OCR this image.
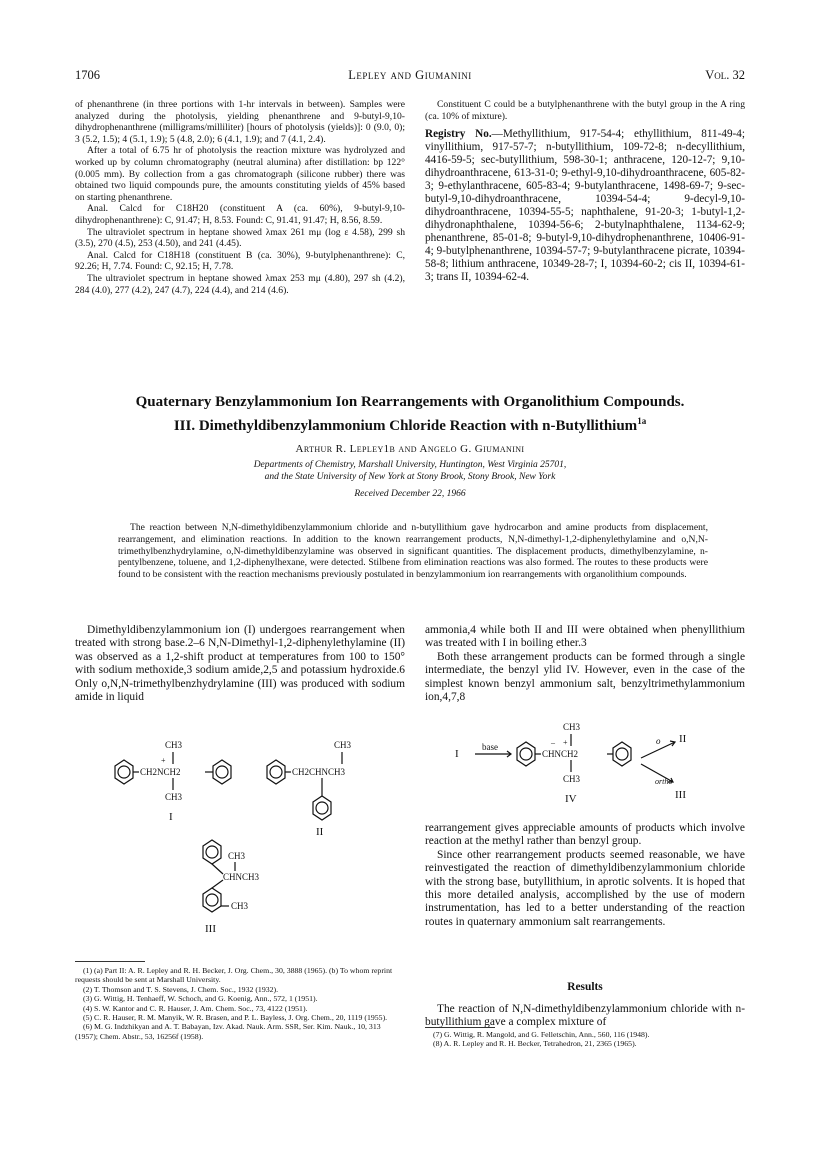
1706	Lepley and Giumanini	Vol. 32

of phenanthrene (in three portions with 1-hr intervals in between). Samples were analyzed during the photolysis, yielding phenanthrene and 9-butyl-9,10-dihydrophenanthrene (milligrams/milliliter) [hours of photolysis (yields)]: 0 (9.0, 0); 3 (5.2, 1.5); 4 (5.1, 1.9); 5 (4.8, 2.0); 6 (4.1, 1.9); and 7 (4.1, 2.4).

After a total of 6.75 hr of photolysis the reaction mixture was hydrolyzed and worked up by column chromatography (neutral alumina) after distillation: bp 122° (0.005 mm). By collection from a gas chromatograph (silicone rubber) there was obtained two liquid compounds pure, the amounts constituting yields of 45% based on starting phenanthrene.

Anal. Calcd for C18H20 (constituent A (ca. 60%), 9-butyl-9,10-dihydrophenanthrene): C, 91.47; H, 8.53. Found: C, 91.41, 91.47; H, 8.56, 8.59.

The ultraviolet spectrum in heptane showed λmax 261 mμ (log ε 4.58), 299 sh (3.5), 270 (4.5), 253 (4.50), and 241 (4.45).

Anal. Calcd for C18H18 (constituent B (ca. 30%), 9-butylphenanthrene): C, 92.26; H, 7.74. Found: C, 92.15; H, 7.78.

The ultraviolet spectrum in heptane showed λmax 253 mμ (4.80), 297 sh (4.2), 284 (4.0), 277 (4.2), 247 (4.7), 224 (4.4), and 214 (4.6).

Constituent C could be a butylphenanthrene with the butyl group in the A ring (ca. 10% of mixture).

Registry No.—Methyllithium, 917-54-4; ethyllithium, 811-49-4; vinyllithium, 917-57-7; n-butyllithium, 109-72-8; n-decyllithium, 4416-59-5; sec-butyllithium, 598-30-1; anthracene, 120-12-7; 9,10-dihydroanthracene, 613-31-0; 9-ethyl-9,10-dihydroanthracene, 605-82-3; 9-ethylanthracene, 605-83-4; 9-butylanthracene, 1498-69-7; 9-sec-butyl-9,10-dihydroanthracene, 10394-54-4; 9-decyl-9,10-dihydroanthracene, 10394-55-5; naphthalene, 91-20-3; 1-butyl-1,2-dihydronaphthalene, 10394-56-6; 2-butylnaphthalene, 1134-62-9; phenanthrene, 85-01-8; 9-butyl-9,10-dihydrophenanthrene, 10406-91-4; 9-butylphenanthrene, 10394-57-7; 9-butylanthracene picrate, 10394-58-8; lithium anthracene, 10349-28-7; I, 10394-60-2; cis II, 10394-61-3; trans II, 10394-62-4.

Quaternary Benzylammonium Ion Rearrangements with Organolithium Compounds.
III. Dimethyldibenzylammonium Chloride Reaction with n-Butyllithium$^{1a}$
Arthur R. Lepley1b and Angelo G. Giumanini
Departments of Chemistry, Marshall University, Huntington, West Virginia 25701,
and the State University of New York at Stony Brook, Stony Brook, New York
Received December 22, 1966
The reaction between N,N-dimethyldibenzylammonium chloride and n-butyllithium gave hydrocarbon and amine products from displacement, rearrangement, and elimination reactions. In addition to the known rearrangement products, N,N-dimethyl-1,2-diphenylethylamine and o,N,N-trimethylbenzhydrylamine, o,N-dimethyldibenzylamine was observed in significant quantities. The displacement products, dimethylbenzylamine, n-pentylbenzene, toluene, and 1,2-diphenylhexane, were detected. Stilbene from elimination reactions was also formed. The routes to these products were found to be consistent with the reaction mechanisms previously postulated in benzylammonium ion rearrangements with organolithium compounds.

Dimethyldibenzylammonium ion (I) undergoes rearrangement when treated with strong base.2–6 N,N-Dimethyl-1,2-diphenylethylamine (II) was observed as a 1,2-shift product at temperatures from 100 to 150° with sodium methoxide,3 sodium amide,2,5 and potassium hydroxide.6 Only o,N,N-trimethylbenzhydrylamine (III) was produced with sodium amide in liquid

CH3
+
CH2NCH2
CH3
I
CH3
CH2CHNCH3
II
CH3
CHNCH3
CH3
III

ammonia,4 while both II and III were obtained when phenyllithium was treated with I in boiling ether.3

Both these arrangement products can be formed through a single intermediate, the benzyl ylid IV. However, even in the case of the simplest known benzyl ammonium salt, benzyltrimethylammonium ion,4,7,8

I
base
CH3
– +
CHNCH2
CH3
IV
o II
ortho
III

rearrangement gives appreciable amounts of products which involve reaction at the methyl rather than benzyl group.

Since other rearrangement products seemed reasonable, we have reinvestigated the reaction of dimethyldibenzylammonium chloride with the strong base, butyllithium, in aprotic solvents. It is hoped that this more detailed analysis, accomplished by the use of modern instrumentation, has led to a better understanding of the reaction routes in quaternary ammonium salt rearrangements.

Results

The reaction of N,N-dimethyldibenzylammonium chloride with n-butyllithium gave a complex mixture of

(1) (a) Part II: A. R. Lepley and R. H. Becker, J. Org. Chem., 30, 3888 (1965). (b) To whom reprint requests should be sent at Marshall University.

(2) T. Thomson and T. S. Stevens, J. Chem. Soc., 1932 (1932).

(3) G. Wittig, H. Tenhaeff, W. Schoch, and G. Koenig, Ann., 572, 1 (1951).

(4) S. W. Kantor and C. R. Hauser, J. Am. Chem. Soc., 73, 4122 (1951).

(5) C. R. Hauser, R. M. Manyik, W. R. Brasen, and P. L. Bayless, J. Org. Chem., 20, 1119 (1955).

(6) M. G. Indzhikyan and A. T. Babayan, Izv. Akad. Nauk. Arm. SSR, Ser. Kim. Nauk., 10, 313 (1957); Chem. Abstr., 53, 16256f (1958).	(7) G. Wittig, R. Mangold, and G. Felletschin, Ann., 560, 116 (1948).

(8) A. R. Lepley and R. H. Becker, Tetrahedron, 21, 2365 (1965).
